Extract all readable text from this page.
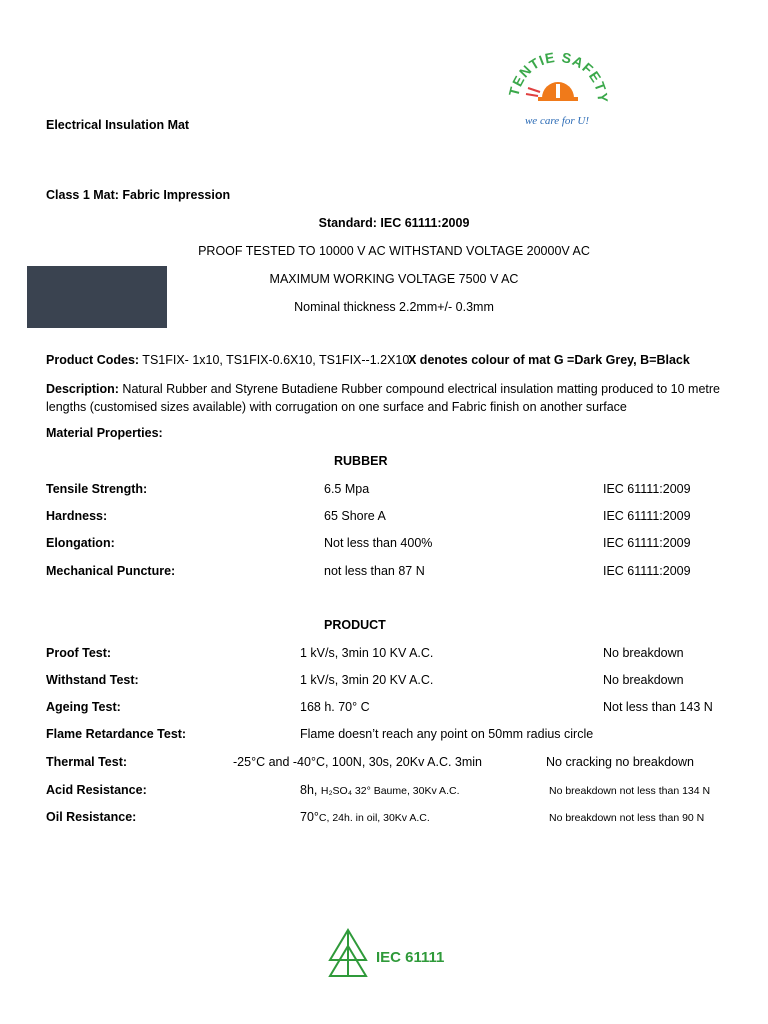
TENTIE SAFETY
we care for U!
Electrical Insulation Mat
Class 1 Mat: Fabric Impression
Standard: IEC 61111:2009
PROOF TESTED TO 10000 V AC WITHSTAND VOLTAGE 20000V AC
MAXIMUM WORKING VOLTAGE 7500 V AC
Nominal thickness 2.2mm+/- 0.3mm
Product Codes: TS1FIX- 1x10, TS1FIX-0.6X10, TS1FIX--1.2X10
X denotes colour of mat G =Dark Grey, B=Black
Description: Natural Rubber and Styrene Butadiene Rubber compound electrical insulation matting produced to 10 metre lengths (customised sizes available) with corrugation on one surface and Fabric finish on another surface
Material Properties:
RUBBER
Tensile Strength:	6.5 Mpa	IEC 61111:2009
Hardness:	65 Shore A	IEC 61111:2009
Elongation:	Not less than 400%	IEC 61111:2009
Mechanical Puncture:	not less than 87 N	IEC 61111:2009
PRODUCT
Proof Test:	1 kV/s, 3min 10 KV A.C.	No breakdown
Withstand Test:	1 kV/s, 3min 20 KV A.C.	No breakdown
Ageing Test:	168 h. 70° C	Not less than 143 N
Flame Retardance Test:	Flame doesn’t reach any point on 50mm radius circle
Thermal Test:	-25°C and -40°C, 100N, 30s, 20Kv A.C. 3min	No cracking no breakdown
Acid Resistance:	8h, H₂SO₄ 32° Baume, 30Kv A.C.	No breakdown not less than 134 N
Oil Resistance:	70°C, 24h. in oil, 30Kv A.C.	No breakdown not less than 90 N
IEC 61111
